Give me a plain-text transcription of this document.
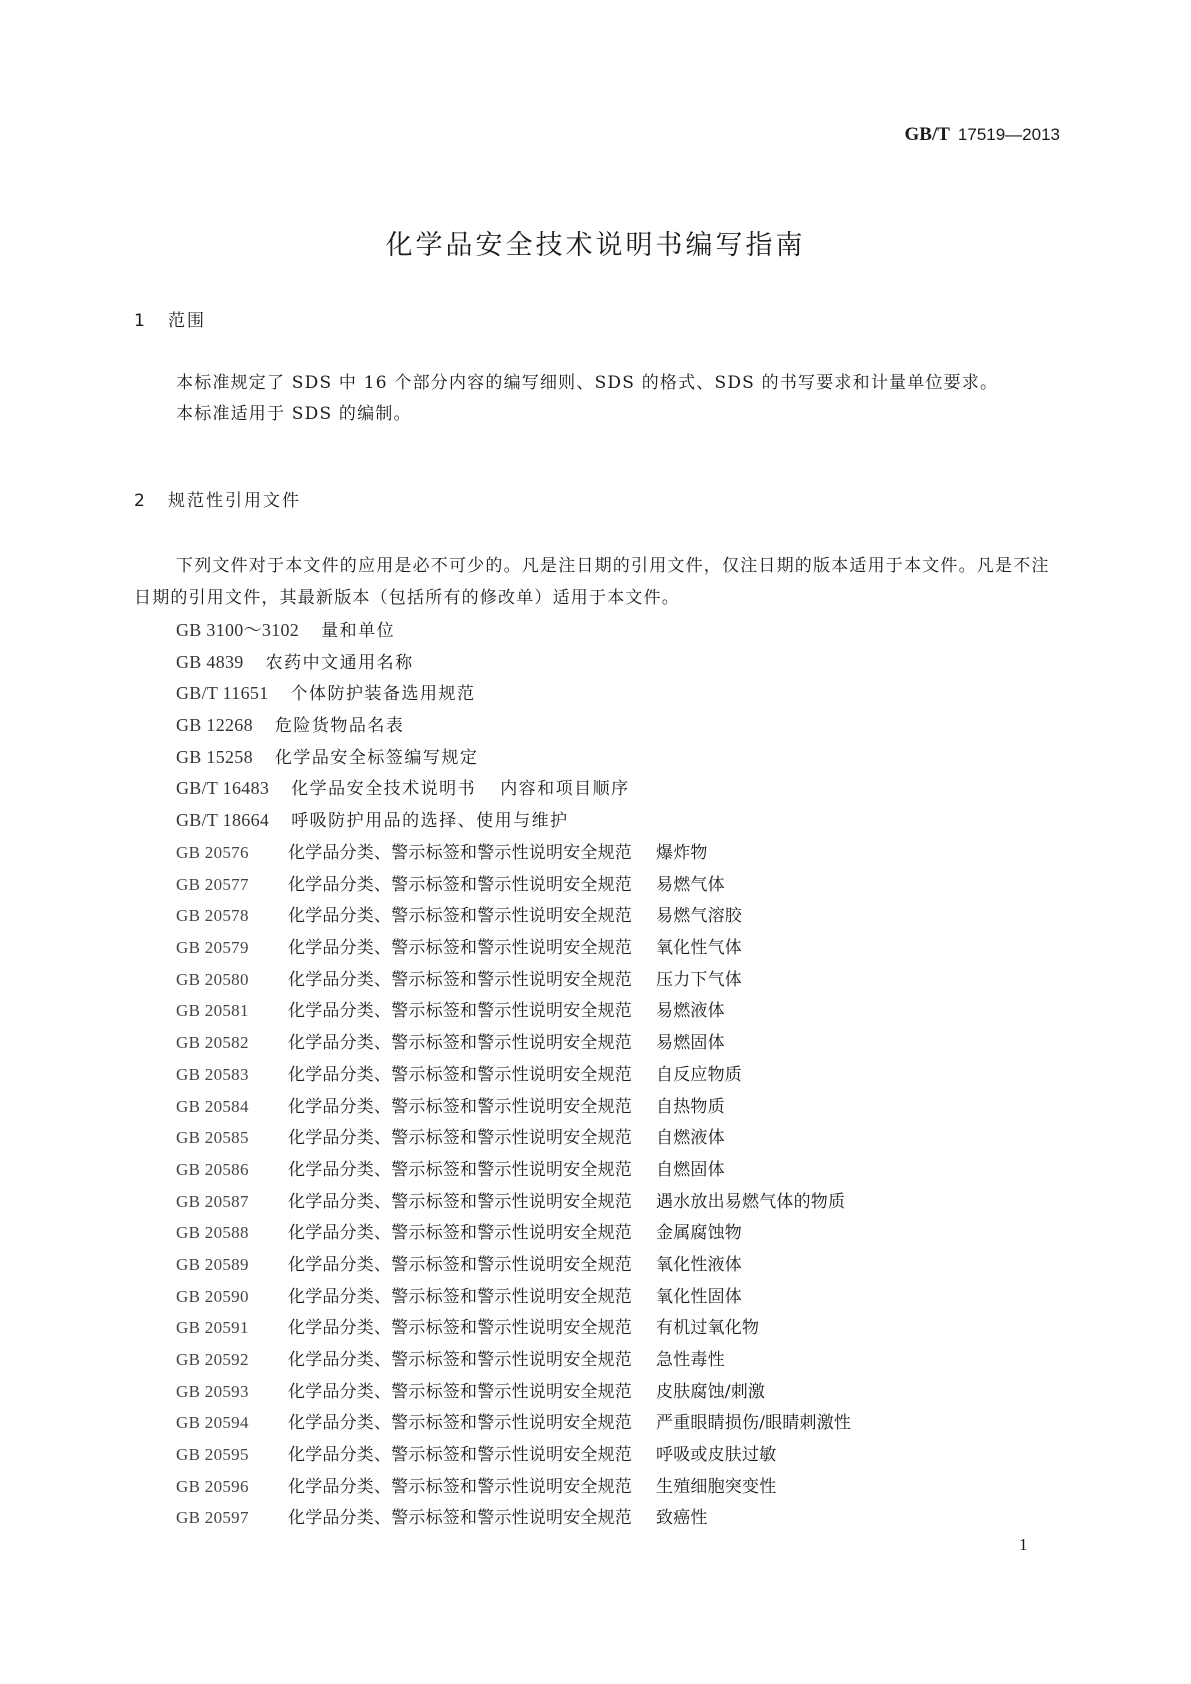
GB/T 17519—2013
化学品安全技术说明书编写指南
1 范围

本标准规定了 SDS 中 16 个部分内容的编写细则、SDS 的格式、SDS 的书写要求和计量单位要求。

本标准适用于 SDS 的编制。

2 规范性引用文件

下列文件对于本文件的应用是必不可少的。凡是注日期的引用文件，仅注日期的版本适用于本文件。凡是不注日期的引用文件，其最新版本（包括所有的修改单）适用于本文件。

GB 3100～3102 量和单位
GB 4839 农药中文通用名称
GB/T 11651 个体防护装备选用规范
GB 12268 危险货物品名表
GB 15258 化学品安全标签编写规定
GB/T 16483 化学品安全技术说明书 内容和项目顺序
GB/T 18664 呼吸防护用品的选择、使用与维护
GB 20576 化学品分类、警示标签和警示性说明安全规范 爆炸物
GB 20577 化学品分类、警示标签和警示性说明安全规范 易燃气体
GB 20578 化学品分类、警示标签和警示性说明安全规范 易燃气溶胶
GB 20579 化学品分类、警示标签和警示性说明安全规范 氧化性气体
GB 20580 化学品分类、警示标签和警示性说明安全规范 压力下气体
GB 20581 化学品分类、警示标签和警示性说明安全规范 易燃液体
GB 20582 化学品分类、警示标签和警示性说明安全规范 易燃固体
GB 20583 化学品分类、警示标签和警示性说明安全规范 自反应物质
GB 20584 化学品分类、警示标签和警示性说明安全规范 自热物质
GB 20585 化学品分类、警示标签和警示性说明安全规范 自燃液体
GB 20586 化学品分类、警示标签和警示性说明安全规范 自燃固体
GB 20587 化学品分类、警示标签和警示性说明安全规范 遇水放出易燃气体的物质
GB 20588 化学品分类、警示标签和警示性说明安全规范 金属腐蚀物
GB 20589 化学品分类、警示标签和警示性说明安全规范 氧化性液体
GB 20590 化学品分类、警示标签和警示性说明安全规范 氧化性固体
GB 20591 化学品分类、警示标签和警示性说明安全规范 有机过氧化物
GB 20592 化学品分类、警示标签和警示性说明安全规范 急性毒性
GB 20593 化学品分类、警示标签和警示性说明安全规范 皮肤腐蚀/刺激
GB 20594 化学品分类、警示标签和警示性说明安全规范 严重眼睛损伤/眼睛刺激性
GB 20595 化学品分类、警示标签和警示性说明安全规范 呼吸或皮肤过敏
GB 20596 化学品分类、警示标签和警示性说明安全规范 生殖细胞突变性
GB 20597 化学品分类、警示标签和警示性说明安全规范 致癌性
1
